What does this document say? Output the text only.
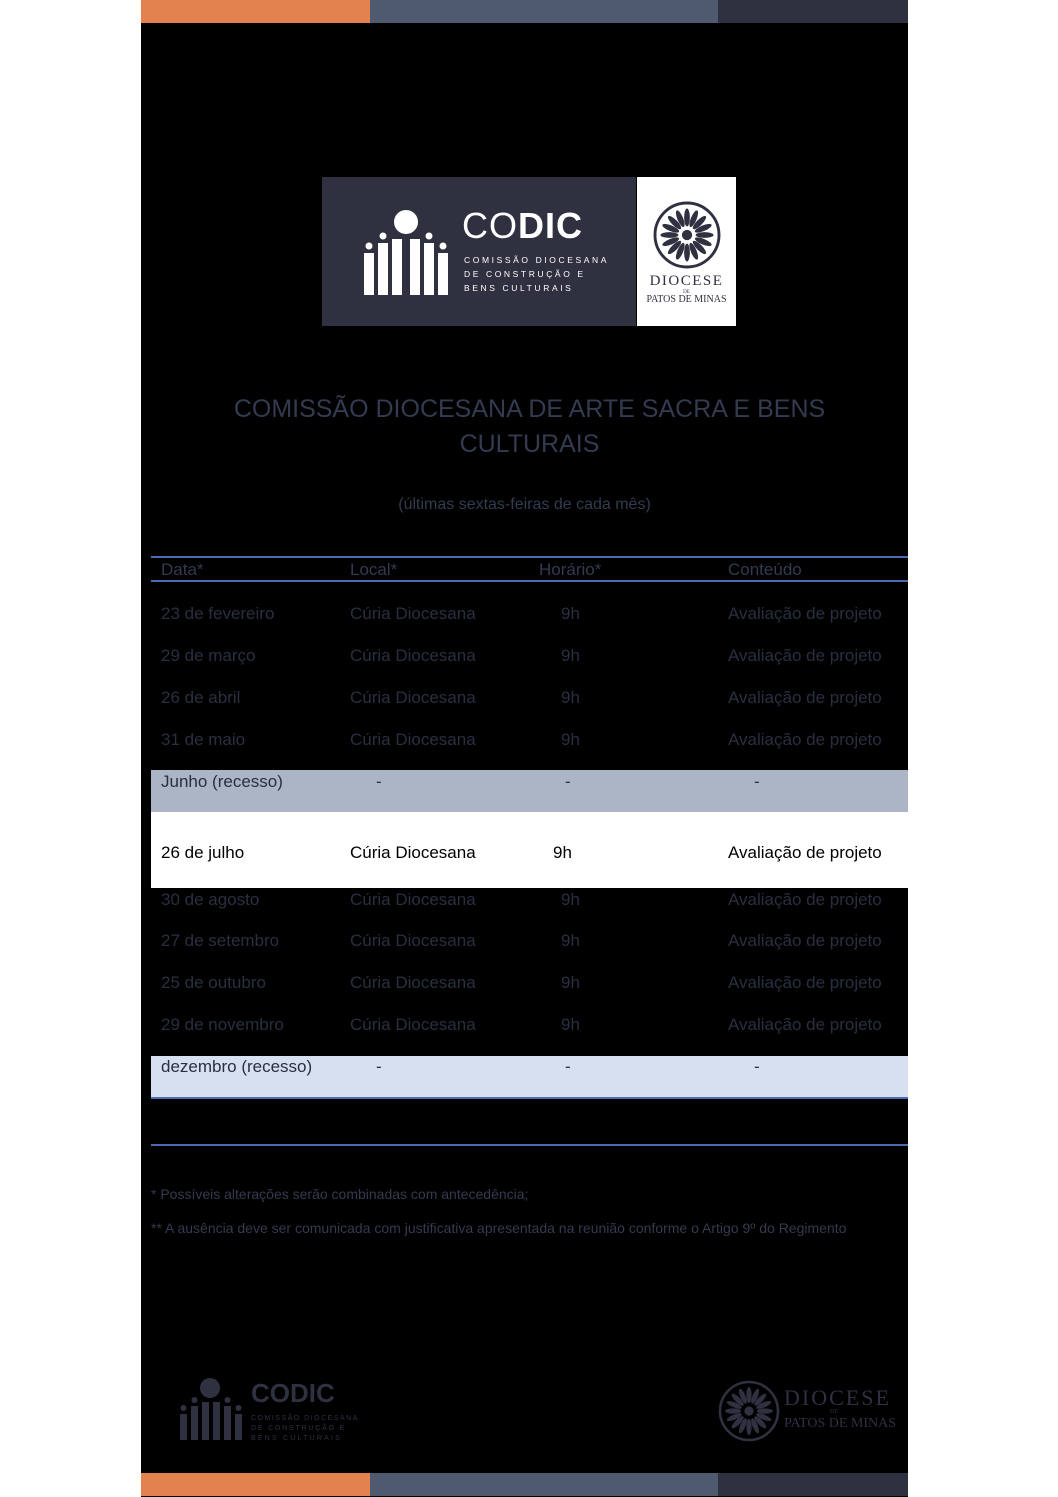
CODIC
COMISSÃO DIOCESANA
DE CONSTRUÇÃO E
BENS CULTURAIS	DIOCESE
DE
PATOS DE MINAS
COMISSÃO DIOCESANA DE ARTE SACRA E BENS CULTURAIS
(últimas sextas-feiras de cada mês)
Data*	Local*	Horário*	Conteúdo
23 de fevereiro	Cúria Diocesana	9h	Avaliação de projeto
29 de março	Cúria Diocesana	9h	Avaliação de projeto
26 de abril	Cúria Diocesana	9h	Avaliação de projeto
31 de maio	Cúria Diocesana	9h	Avaliação de projeto
Junho (recesso)	-	-	-
26 de julho	Cúria Diocesana	9h	Avaliação de projeto
30 de agosto	Cúria Diocesana	9h	Avaliação de projeto
27 de setembro	Cúria Diocesana	9h	Avaliação de projeto
25 de outubro	Cúria Diocesana	9h	Avaliação de projeto
29 de novembro	Cúria Diocesana	9h	Avaliação de projeto
dezembro (recesso)	-	-	-
* Possíveis alterações serão combinadas com antecedência;
** A ausência deve ser comunicada com justificativa apresentada na reunião conforme o Artigo 9º do Regimento
CODIC
COMISSÃO DIOCESANA
DE CONSTRUÇÃO E
BENS CULTURAIS
DIOCESE
DE
PATOS DE MINAS
